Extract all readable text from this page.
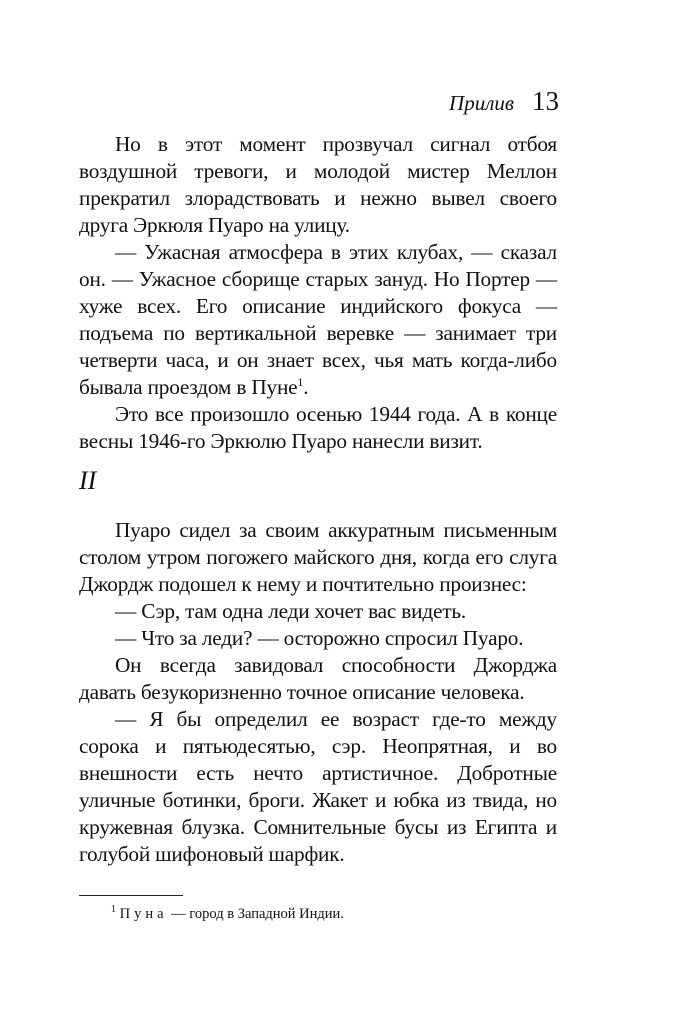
Прилив 13

Но в этот момент прозвучал сигнал отбоя воздушной тревоги, и молодой мистер Меллон прекратил злорадствовать и нежно вывел своего друга Эркюля Пуаро на улицу.

— Ужасная атмосфера в этих клубах, — сказал он. — Ужасное сборище старых зануд. Но Портер — хуже всех. Его описание индийского фокуса — подъема по вертикальной веревке — занимает три четверти часа, и он знает всех, чья мать когда-либо бывала проездом в Пуне$^1$.

Это все произошло осенью 1944 года. А в конце весны 1946-го Эркюлю Пуаро нанесли визит.

II

Пуаро сидел за своим аккуратным письменным столом утром погожего майского дня, когда его слуга Джордж подошел к нему и почтительно произнес:

— Сэр, там одна леди хочет вас видеть.

— Что за леди? — осторожно спросил Пуаро.

Он всегда завидовал способности Джорджа давать безукоризненно точное описание человека.

— Я бы определил ее возраст где-то между сорока и пятьюдесятью, сэр. Неопрятная, и во внешности есть нечто артистичное. Добротные уличные ботинки, броги. Жакет и юбка из твида, но кружевная блузка. Сомнительные бусы из Египта и голубой шифоновый шарфик.

$^1$ Пуна — город в Западной Индии.
